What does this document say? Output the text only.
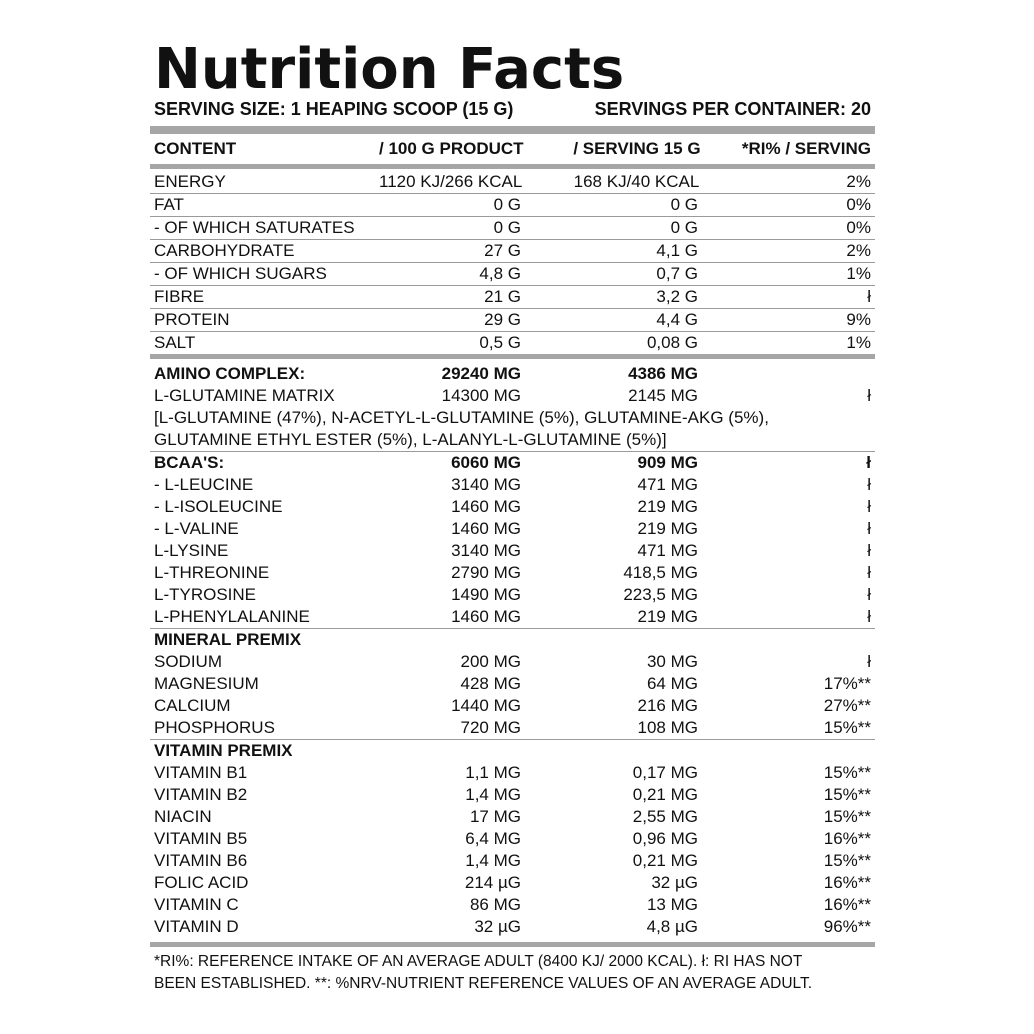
Nutrition Facts
SERVING SIZE: 1 HEAPING SCOOP (15 G)	SERVINGS PER CONTAINER: 20
CONTENT	/ 100 G PRODUCT	/ SERVING 15 G	*RI% / SERVING
ENERGY	1120 KJ/266 KCAL	168 KJ/40 KCAL	2%
FAT	0 G	0 G	0%
- OF WHICH SATURATES	0 G	0 G	0%
CARBOHYDRATE	27 G	4,1 G	2%
- OF WHICH SUGARS	4,8 G	0,7 G	1%
FIBRE	21 G	3,2 G	ł
PROTEIN	29 G	4,4 G	9%
SALT	0,5 G	0,08 G	1%
AMINO COMPLEX:	29240 MG	4386 MG
L-GLUTAMINE MATRIX	14300 MG	2145 MG	ł
[L-GLUTAMINE (47%), N-ACETYL-L-GLUTAMINE (5%), GLUTAMINE-AKG (5%),
GLUTAMINE ETHYL ESTER (5%), L-ALANYL-L-GLUTAMINE (5%)]
BCAA'S:	6060 MG	909 MG	ł
- L-LEUCINE	3140 MG	471 MG	ł
- L-ISOLEUCINE	1460 MG	219 MG	ł
- L-VALINE	1460 MG	219 MG	ł
L-LYSINE	3140 MG	471 MG	ł
L-THREONINE	2790 MG	418,5 MG	ł
L-TYROSINE	1490 MG	223,5 MG	ł
L-PHENYLALANINE	1460 MG	219 MG	ł
MINERAL PREMIX
SODIUM	200 MG	30 MG	ł
MAGNESIUM	428 MG	64 MG	17%**
CALCIUM	1440 MG	216 MG	27%**
PHOSPHORUS	720 MG	108 MG	15%**
VITAMIN PREMIX
VITAMIN B1	1,1 MG	0,17 MG	15%**
VITAMIN B2	1,4 MG	0,21 MG	15%**
NIACIN	17 MG	2,55 MG	15%**
VITAMIN B5	6,4 MG	0,96 MG	16%**
VITAMIN B6	1,4 MG	0,21 MG	15%**
FOLIC ACID	214 µG	32 µG	16%**
VITAMIN C	86 MG	13 MG	16%**
VITAMIN D	32 µG	4,8 µG	96%**
*RI%: REFERENCE INTAKE OF AN AVERAGE ADULT (8400 KJ/ 2000 KCAL). ł: RI HAS NOT
BEEN ESTABLISHED. **: %NRV-NUTRIENT REFERENCE VALUES OF AN AVERAGE ADULT.
